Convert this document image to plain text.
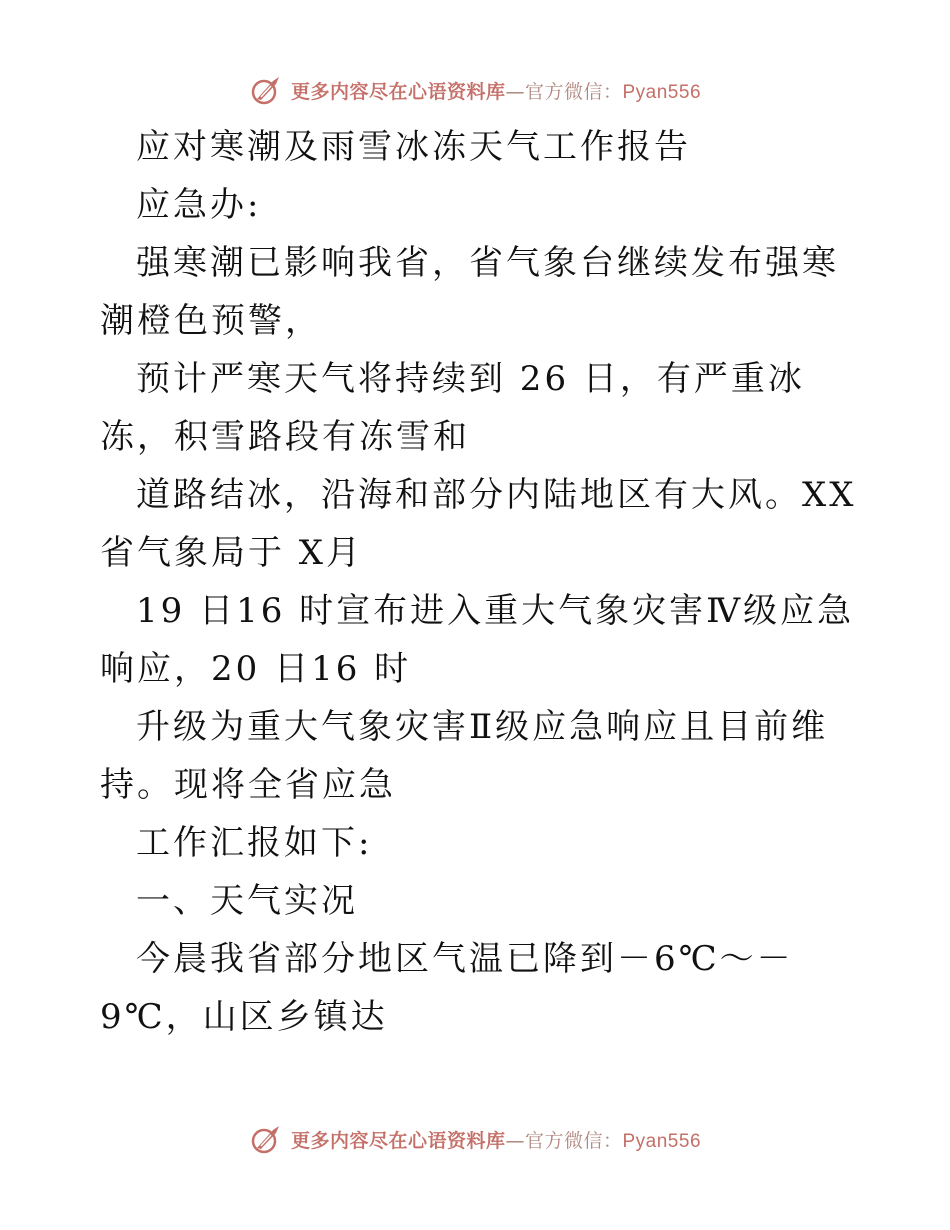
更多内容尽在心语资料库—官方微信：Pyan556

应对寒潮及雨雪冰冻天气工作报告

应急办:

强寒潮已影响我省，省气象台继续发布强寒潮橙色预警，

预计严寒天气将持续到 26 日，有严重冰冻，积雪路段有冻雪和

道路结冰，沿海和部分内陆地区有大风。XX 省气象局于 X月

19 日16 时宣布进入重大气象灾害Ⅳ级应急响应，20 日16 时

升级为重大气象灾害Ⅱ级应急响应且目前维持。现将全省应急

工作汇报如下:

一、天气实况

今晨我省部分地区气温已降到－6℃～－9℃，山区乡镇达

更多内容尽在心语资料库—官方微信：Pyan556
